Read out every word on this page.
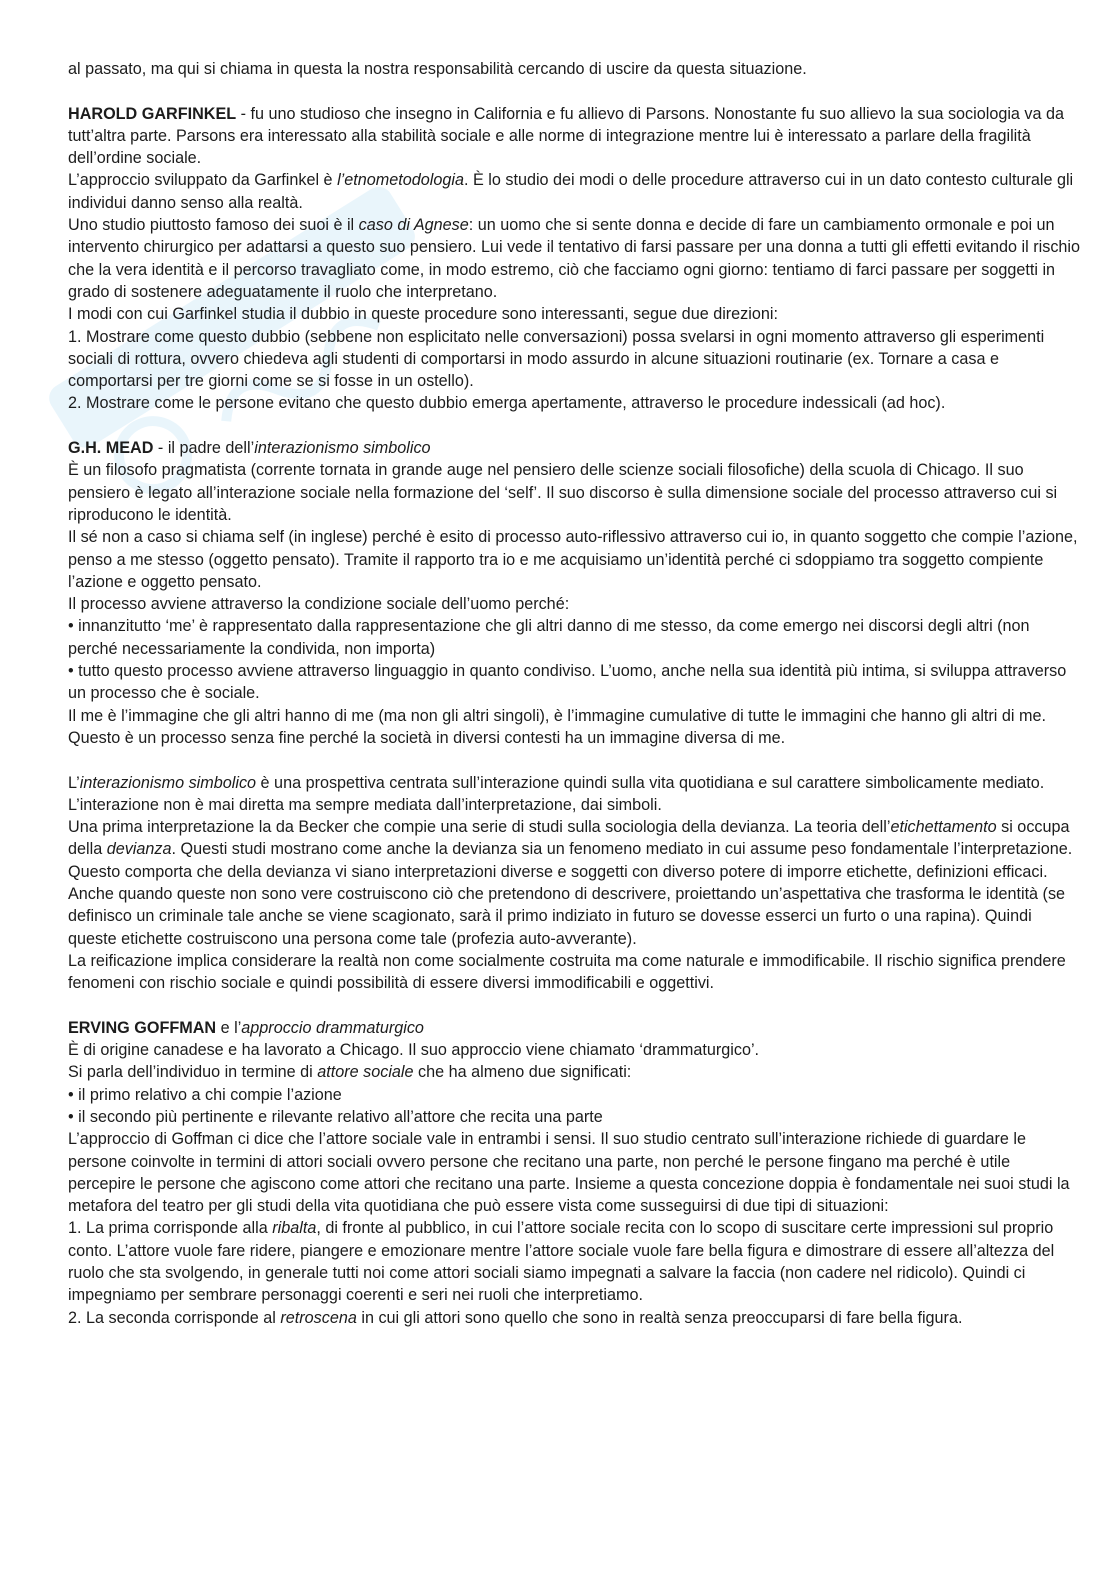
al passato, ma qui si chiama in questa la nostra responsabilità cercando di uscire da questa situazione.

HAROLD GARFINKEL - fu uno studioso che insegno in California e fu allievo di Parsons. Nonostante fu suo allievo la sua sociologia va da tutt’altra parte. Parsons era interessato alla stabilità sociale e alle norme di integrazione mentre lui è interessato a parlare della fragilità dell’ordine sociale.

L’approccio sviluppato da Garfinkel è l’etnometodologia. È lo studio dei modi o delle procedure attraverso cui in un dato contesto culturale gli individui danno senso alla realtà.

Uno studio piuttosto famoso dei suoi è il caso di Agnese: un uomo che si sente donna e decide di fare un cambiamento ormonale e poi un intervento chirurgico per adattarsi a questo suo pensiero. Lui vede il tentativo di farsi passare per una donna a tutti gli effetti evitando il rischio che la vera identità e il percorso travagliato come, in modo estremo, ciò che facciamo ogni giorno: tentiamo di farci passare per soggetti in grado di sostenere adeguatamente il ruolo che interpretano.

I modi con cui Garfinkel studia il dubbio in queste procedure sono interessanti, segue due direzioni:

1. Mostrare come questo dubbio (sebbene non esplicitato nelle conversazioni) possa svelarsi in ogni momento attraverso gli esperimenti sociali di rottura, ovvero chiedeva agli studenti di comportarsi in modo assurdo in alcune situazioni routinarie (ex. Tornare a casa e comportarsi per tre giorni come se si fosse in un ostello).

2. Mostrare come le persone evitano che questo dubbio emerga apertamente, attraverso le procedure indessicali (ad hoc).

G.H. MEAD - il padre dell’interazionismo simbolico

È un filosofo pragmatista (corrente tornata in grande auge nel pensiero delle scienze sociali filosofiche) della scuola di Chicago. Il suo pensiero è legato all’interazione sociale nella formazione del ‘self’. Il suo discorso è sulla dimensione sociale del processo attraverso cui si riproducono le identità.

Il sé non a caso si chiama self (in inglese) perché è esito di processo auto-riflessivo attraverso cui io, in quanto soggetto che compie l’azione, penso a me stesso (oggetto pensato). Tramite il rapporto tra io e me acquisiamo un’identità perché ci sdoppiamo tra soggetto compiente l’azione e oggetto pensato.

Il processo avviene attraverso la condizione sociale dell’uomo perché:

• innanzitutto ‘me’ è rappresentato dalla rappresentazione che gli altri danno di me stesso, da come emergo nei discorsi degli altri (non perché necessariamente la condivida, non importa)

• tutto questo processo avviene attraverso linguaggio in quanto condiviso. L’uomo, anche nella sua identità più intima, si sviluppa attraverso un processo che è sociale.

Il me è l’immagine che gli altri hanno di me (ma non gli altri singoli), è l’immagine cumulative di tutte le immagini che hanno gli altri di me. Questo è un processo senza fine perché la società in diversi contesti ha un immagine diversa di me.

L’interazionismo simbolico è una prospettiva centrata sull’interazione quindi sulla vita quotidiana e sul carattere simbolicamente mediato. L’interazione non è mai diretta ma sempre mediata dall’interpretazione, dai simboli.

Una prima interpretazione la da Becker che compie una serie di studi sulla sociologia della devianza. La teoria dell’etichettamento si occupa della devianza. Questi studi mostrano come anche la devianza sia un fenomeno mediato in cui assume peso fondamentale l’interpretazione.

Questo comporta che della devianza vi siano interpretazioni diverse e soggetti con diverso potere di imporre etichette, definizioni efficaci. Anche quando queste non sono vere costruiscono ciò che pretendono di descrivere, proiettando un’aspettativa che trasforma le identità (se definisco un criminale tale anche se viene scagionato, sarà il primo indiziato in futuro se dovesse esserci un furto o una rapina). Quindi queste etichette costruiscono una persona come tale (profezia auto-avverante).

La reificazione implica considerare la realtà non come socialmente costruita ma come naturale e immodificabile. Il rischio significa prendere fenomeni con rischio sociale e quindi possibilità di essere diversi immodificabili e oggettivi.

ERVING GOFFMAN e l’approccio drammaturgico

È di origine canadese e ha lavorato a Chicago. Il suo approccio viene chiamato ‘drammaturgico’.

Si parla dell’individuo in termine di attore sociale che ha almeno due significati:

• il primo relativo a chi compie l’azione

• il secondo più pertinente e rilevante relativo all’attore che recita una parte

L’approccio di Goffman ci dice che l’attore sociale vale in entrambi i sensi. Il suo studio centrato sull’interazione richiede di guardare le persone coinvolte in termini di attori sociali ovvero persone che recitano una parte, non perché le persone fingano ma perché è utile percepire le persone che agiscono come attori che recitano una parte. Insieme a questa concezione doppia è fondamentale nei suoi studi la metafora del teatro per gli studi della vita quotidiana che può essere vista come susseguirsi di due tipi di situazioni:

1. La prima corrisponde alla ribalta, di fronte al pubblico, in cui l’attore sociale recita con lo scopo di suscitare certe impressioni sul proprio conto. L’attore vuole fare ridere, piangere e emozionare mentre l’attore sociale vuole fare bella figura e dimostrare di essere all’altezza del ruolo che sta svolgendo, in generale tutti noi come attori sociali siamo impegnati a salvare la faccia (non cadere nel ridicolo). Quindi ci impegniamo per sembrare personaggi coerenti e seri nei ruoli che interpretiamo.

2. La seconda corrisponde al retroscena in cui gli attori sono quello che sono in realtà senza preoccuparsi di fare bella figura.
